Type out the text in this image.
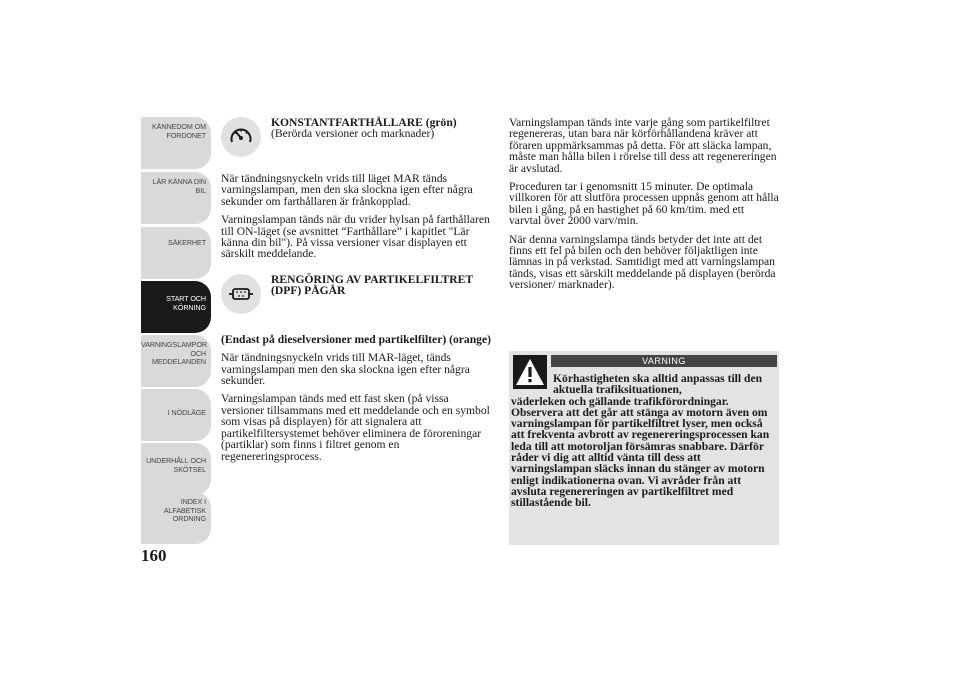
KÄNNEDOM OM
FORDONET
LÄR KÄNNA DIN
BIL
SÄKERHET
START OCH
KÖRNING
VARNINGSLAMPOR
OCH
MEDDELANDEN
I NÖDLÄGE
UNDERHÅLL OCH
SKÖTSEL
INDEX I
ALFABETISK
ORDNING
160
KONSTANTFARTHÅLLARE (grön)
(Berörda versioner och marknader)

När tändningsnyckeln vrids till läget MAR tänds varningslampan, men den ska slockna igen efter några sekunder om farthållaren är frånkopplad.

Varningslampan tänds när du vrider hylsan på farthållaren till ON-läget (se avsnittet “Farthållare” i kapitlet "Lär känna din bil"). På vissa versioner visar displayen ett särskilt meddelande.

RENGÖRING AV PARTIKELFILTRET (DPF) PÅGÅR

(Endast på dieselversioner med partikelfilter) (orange)

När tändningsnyckeln vrids till MAR-läget, tänds varningslampan men den ska slockna igen efter några sekunder.

Varningslampan tänds med ett fast sken (på vissa versioner tillsammans med ett meddelande och en symbol som visas på displayen) för att signalera att partikelfiltersystemet behöver eliminera de föroreningar (partiklar) som finns i filtret genom en regenereringsprocess.

Varningslampan tänds inte varje gång som partikelfiltret regenereras, utan bara när körförhållandena kräver att föraren uppmärksammas på detta. För att släcka lampan, måste man hålla bilen i rörelse till dess att regenereringen är avslutad.

Proceduren tar i genomsnitt 15 minuter. De optimala villkoren för att slutföra processen uppnås genom att hålla bilen i gång, på en hastighet på 60 km/tim. med ett varvtal över 2000 varv/min.

När denna varningslampa tänds betyder det inte att det finns ett fel på bilen och den behöver följaktligen inte lämnas in på verkstad. Samtidigt med att varningslampan tänds, visas ett särskilt meddelande på displayen (berörda versioner/ marknader).

VARNING
Körhastigheten ska alltid anpassas till den aktuella trafiksituationen,
väderleken och gällande trafikförordningar. Observera att det går att stänga av motorn även om varningslampan för partikelfiltret lyser, men också att frekventa avbrott av regenereringsprocessen kan leda till att motoroljan försämras snabbare. Därför råder vi dig att alltid vänta till dess att varningslampan släcks innan du stänger av motorn enligt indikationerna ovan. Vi avråder från att avsluta regenereringen av partikelfiltret med stillastående bil.
